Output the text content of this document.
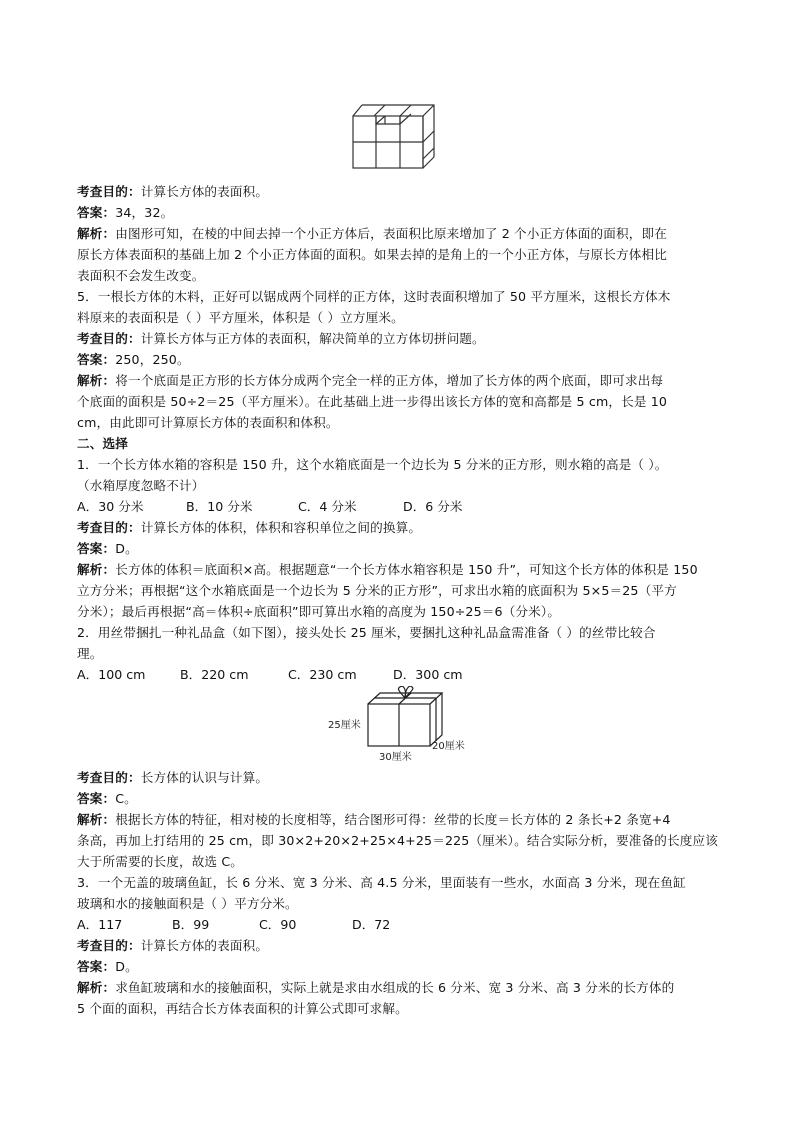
考查目的：计算长方体的表面积。
答案：34，32。
解析：由图形可知，在棱的中间去掉一个小正方体后，表面积比原来增加了 2 个小正方体面的面积，即在
原长方体表面积的基础上加 2 个小正方体面的面积。如果去掉的是角上的一个小正方体，与原长方体相比
表面积不会发生改变。
5．一根长方体的木料，正好可以锯成两个同样的正方体，这时表面积增加了 50 平方厘米，这根长方体木
料原来的表面积是（ ）平方厘米，体积是（ ）立方厘米。
考查目的：计算长方体与正方体的表面积，解决简单的立方体切拼问题。
答案：250，250。
解析：将一个底面是正方形的长方体分成两个完全一样的正方体，增加了长方体的两个底面，即可求出每
个底面的面积是 50÷2＝25（平方厘米）。在此基础上进一步得出该长方体的宽和高都是 5 cm，长是 10
cm，由此即可计算原长方体的表面积和体积。
二、选择
1．一个长方体水箱的容积是 150 升，这个水箱底面是一个边长为 5 分米的正方形，则水箱的高是（ ）。
（水箱厚度忽略不计）
A．30 分米	B．10 分米	C．4 分米	D．6 分米
考查目的：计算长方体的体积，体积和容积单位之间的换算。
答案：D。
解析：长方体的体积＝底面积×高。根据题意“一个长方体水箱容积是 150 升”，可知这个长方体的体积是 150
立方分米；再根据“这个水箱底面是一个边长为 5 分米的正方形”，可求出水箱的底面积为 5×5＝25（平方
分米）；最后再根据“高＝体积÷底面积”即可算出水箱的高度为 150÷25＝6（分米）。
2．用丝带捆扎一种礼品盒（如下图），接头处长 25 厘米，要捆扎这种礼品盒需准备（ ）的丝带比较合
理。
A．100 cm	B．220 cm	C．230 cm	D．300 cm
25厘米
30厘米
20厘米
考查目的：长方体的认识与计算。
答案：C。
解析：根据长方体的特征，相对棱的长度相等，结合图形可得：丝带的长度＝长方体的 2 条长+2 条宽+4
条高，再加上打结用的 25 cm，即 30×2+20×2+25×4+25＝225（厘米）。结合实际分析，要准备的长度应该
大于所需要的长度，故选 C。
3．一个无盖的玻璃鱼缸，长 6 分米、宽 3 分米、高 4.5 分米，里面装有一些水，水面高 3 分米，现在鱼缸
玻璃和水的接触面积是（ ）平方分米。
A．117	B．99	C．90	D．72
考查目的：计算长方体的表面积。
答案：D。
解析：求鱼缸玻璃和水的接触面积，实际上就是求由水组成的长 6 分米、宽 3 分米、高 3 分米的长方体的
5 个面的面积，再结合长方体表面积的计算公式即可求解。
